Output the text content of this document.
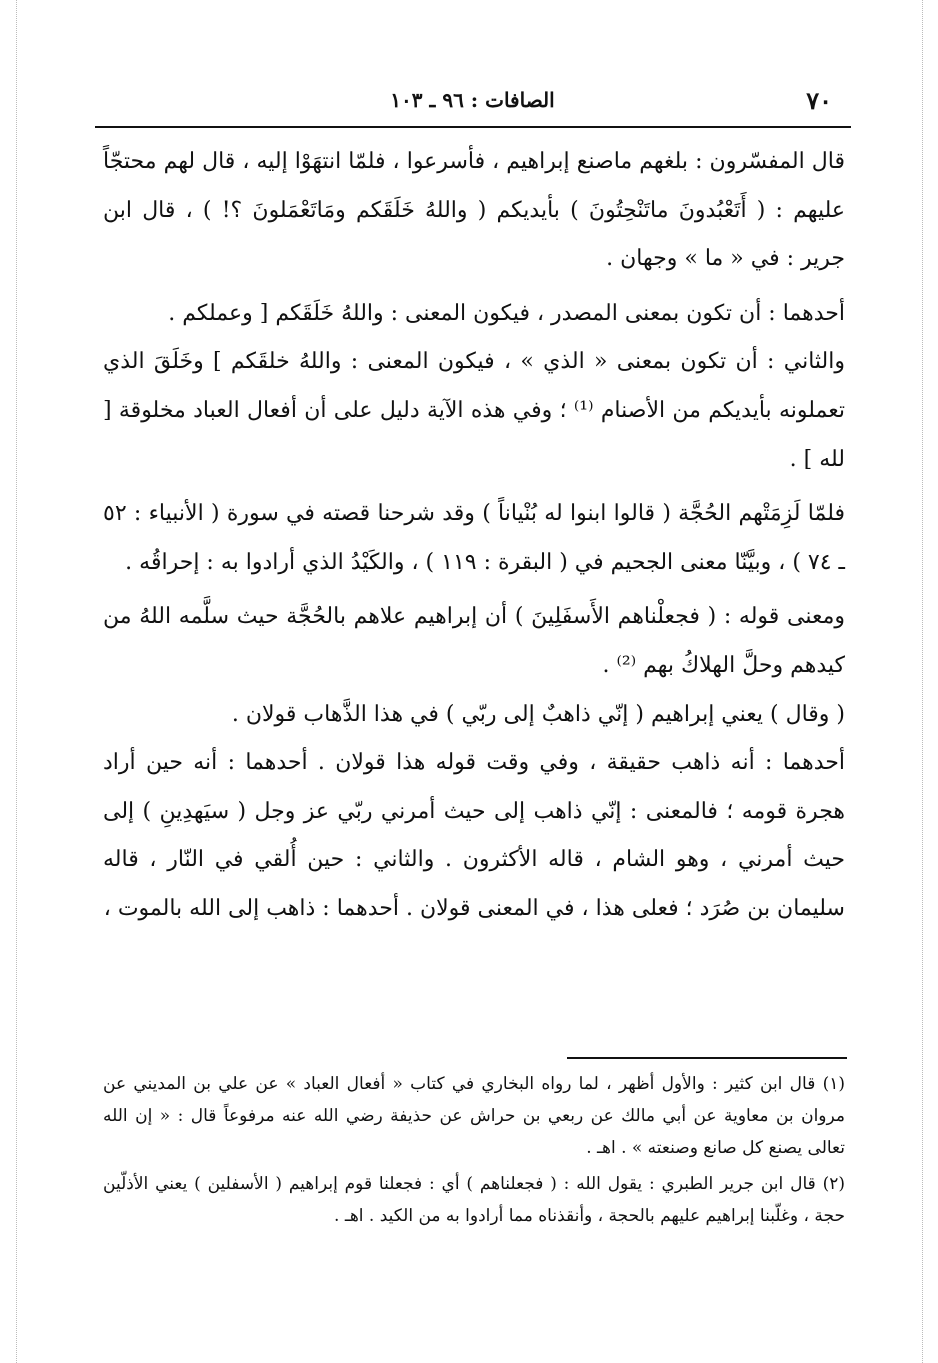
٧٠
الصافات : ٩٦ ـ ١٠٣

قال المفسّرون : بلغهم ماصنع إبراهيم ، فأسرعوا ، فلمّا انتهَوْا إليه ، قال لهم محتجّاً عليهم : ( أَتَعْبُدونَ ماتَنْحِتُونَ ) بأيديكم ( واللهُ خَلَقَكم ومَاتَعْمَلونَ ؟! ) ، قال ابن جرير : في « ما » وجهان .

أحدهما : أن تكون بمعنى المصدر ، فيكون المعنى : واللهُ خَلَقَكم [ وعملكم .

والثاني : أن تكون بمعنى « الذي » ، فيكون المعنى : واللهُ خلقَكم ] وخَلَقَ الذي تعملونه بأيديكم من الأصنام ⁽¹⁾ ؛ وفي هذه الآية دليل على أن أفعال العباد مخلوقة [ لله ] .

فلمّا لَزِمَتْهم الحُجَّة ( قالوا ابنوا له بُنْياناً ) وقد شرحنا قصته في سورة ( الأنبياء : ٥٢ ـ ٧٤ ) ، وبيَّنّا معنى الجحيم في ( البقرة : ١١٩ ) ، والكَيْدُ الذي أرادوا به : إحراقُه .

ومعنى قوله : ( فجعلْناهم الأَسفَلِينَ ) أن إبراهيم علاهم بالحُجَّة حيث سلَّمه اللهُ من كيدهم وحلَّ الهلاكُ بهم ⁽²⁾ .

( وقال ) يعني إبراهيم ( إنّي ذاهبٌ إلى ربّي ) في هذا الذَّهاب قولان .

أحدهما : أنه ذاهب حقيقة ، وفي وقت قوله هذا قولان . أحدهما : أنه حين أراد هجرة قومه ؛ فالمعنى : إنّي ذاهب إلى حيث أمرني ربّي عز وجل ( سيَهدِينِ ) إلى حيث أمرني ، وهو الشام ، قاله الأكثرون . والثاني : حين أُلقي في النّار ، قاله سليمان بن صُرَد ؛ فعلى هذا ، في المعنى قولان . أحدهما : ذاهب إلى الله بالموت ،

(١) قال ابن كثير : والأول أظهر ، لما رواه البخاري في كتاب « أفعال العباد » عن علي بن المديني عن مروان بن معاوية عن أبي مالك عن ربعي بن حراش عن حذيفة رضي الله عنه مرفوعاً قال : « إن الله تعالى يصنع كل صانع وصنعته » . اهـ .

(٢) قال ابن جرير الطبري : يقول الله : ( فجعلناهم ) أي : فجعلنا قوم إبراهيم ( الأسفلين ) يعني الأذلّين حجة ، وغلّبنا إبراهيم عليهم بالحجة ، وأنقذناه مما أرادوا به من الكيد . اهـ .
